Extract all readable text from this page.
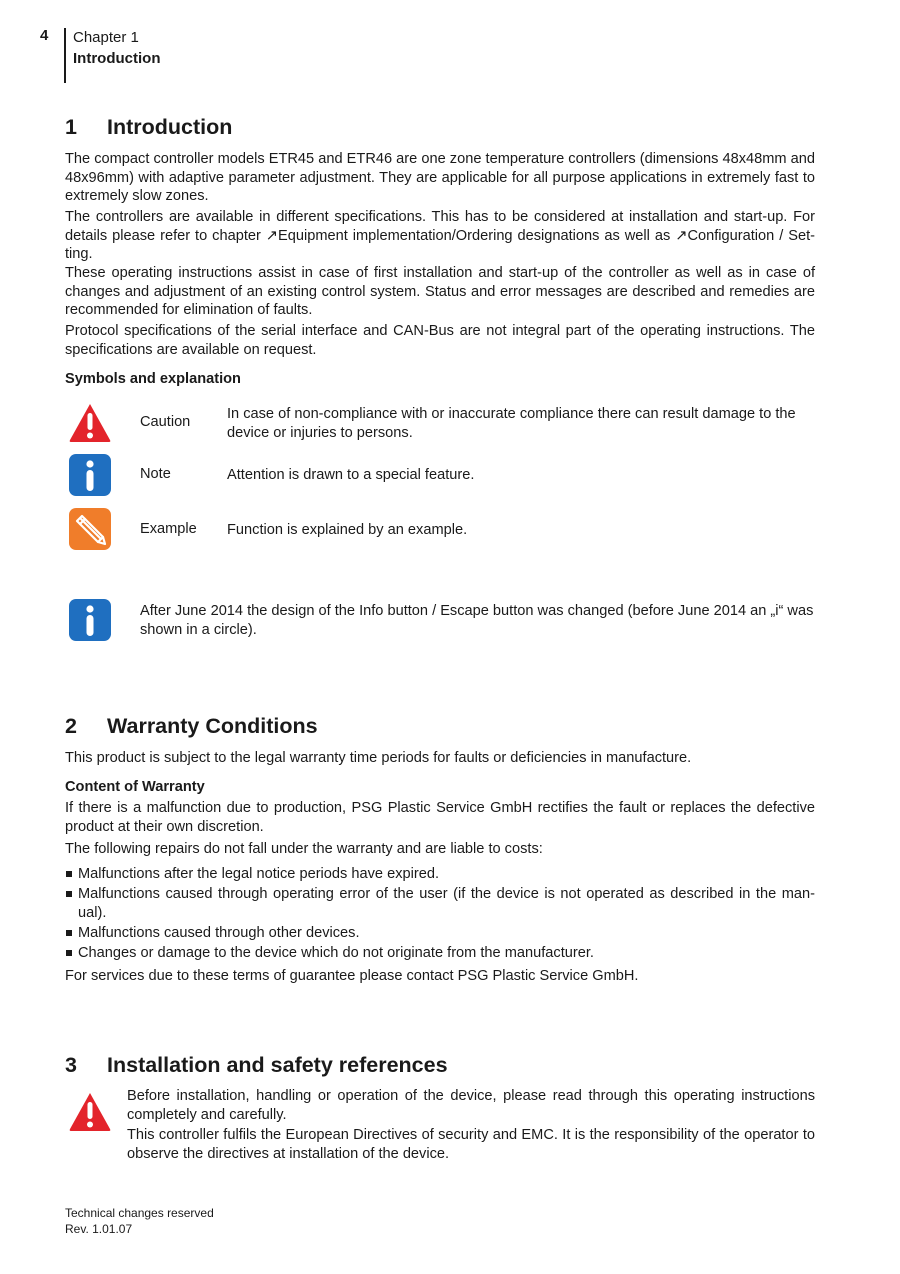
4 Chapter 1
Introduction
1 Introduction

The compact controller models ETR45 and ETR46 are one zone temperature controllers (dimensions 48x48mm and 48x96mm) with adaptive parameter adjustment. They are applicable for all purpose applications in extremely fast to extremely slow zones.

The controllers are available in different specifications. This has to be considered at installation and start-up. For details please refer to chapter ↗Equipment implementation/Ordering designations as well as ↗Configuration / Set- ting.

These operating instructions assist in case of first installation and start-up of the controller as well as in case of changes and adjustment of an existing control system. Status and error messages are described and remedies are recommended for elimination of faults.

Protocol specifications of the serial interface and CAN-Bus are not integral part of the operating instructions. The specifications are available on request.

Symbols and explanation
Caution	In case of non-compliance with or inaccurate compliance there can result damage to the device or injuries to persons.
Note	Attention is drawn to a special feature.
Example Function is explained by an example.
After June 2014 the design of the Info button / Escape button was changed (before June 2014 an „i“ was shown in a circle).
2 Warranty Conditions

This product is subject to the legal warranty time periods for faults or deficiencies in manufacture.

Content of Warranty

If there is a malfunction due to production, PSG Plastic Service GmbH rectifies the fault or replaces the defective product at their own discretion.

The following repairs do not fall under the warranty and are liable to costs:

Malfunctions after the legal notice periods have expired.
Malfunctions caused through operating error of the user (if the device is not operated as described in the man- ual).
Malfunctions caused through other devices.
Changes or damage to the device which do not originate from the manufacturer.

For services due to these terms of guarantee please contact PSG Plastic Service GmbH.

3 Installation and safety references

Before installation, handling or operation of the device, please read through this operating instructions completely and carefully.

This controller fulfils the European Directives of security and EMC. It is the responsibility of the operator to observe the directives at installation of the device.

Technical changes reserved
Rev. 1.01.07
